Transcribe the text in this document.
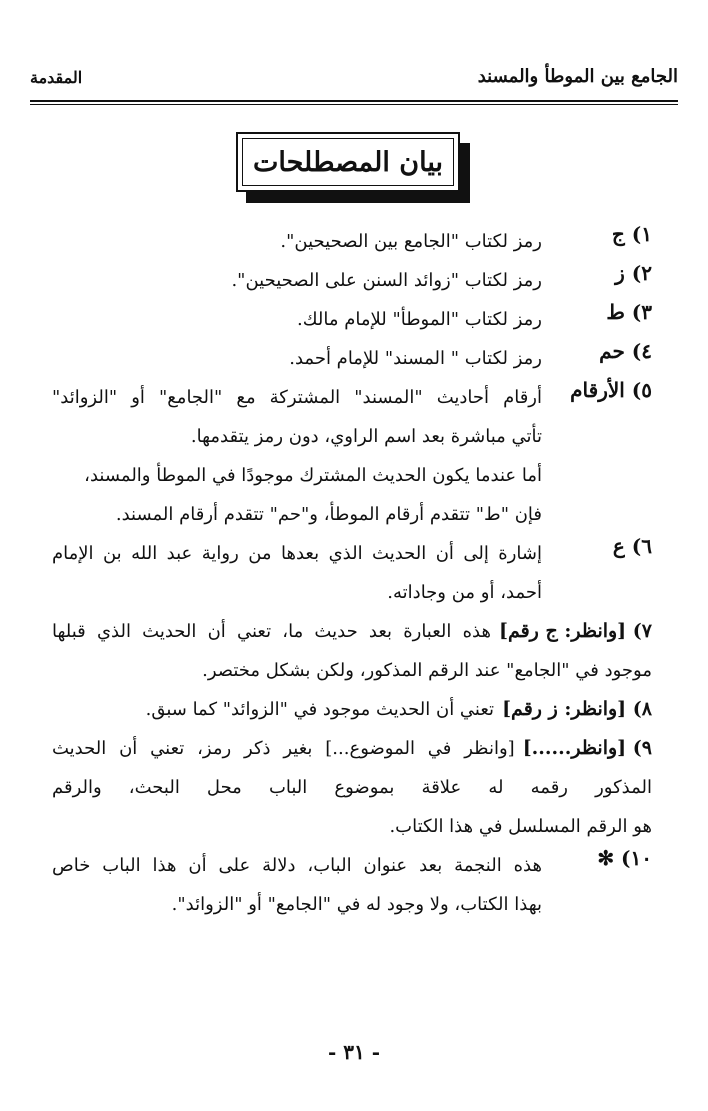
الجامع بين الموطأ والمسند
المقدمة
بيان المصطلحات
١) ج
رمز لكتاب "الجامع بين الصحيحين".
٢) ز
رمز لكتاب "زوائد السنن على الصحيحين".
٣) ط
رمز لكتاب "الموطأ" للإمام مالك.
٤) حم
رمز لكتاب " المسند" للإمام أحمد.
٥) الأرقام
أرقام أحاديث "المسند" المشتركة مع "الجامع" أو "الزوائد"
تأتي مباشرة بعد اسم الراوي، دون رمز يتقدمها.
أما عندما يكون الحديث المشترك موجودًا في الموطأ والمسند،
فإن "ط" تتقدم أرقام الموطأ، و"حم" تتقدم أرقام المسند.
٦) ع
إشارة إلى أن الحديث الذي بعدها من رواية عبد الله بن الإمام
أحمد، أو من وجاداته.
٧) [وانظر: ج رقم]
هذه العبارة بعد حديث ما، تعني أن الحديث الذي قبلها
موجود في "الجامع" عند الرقم المذكور، ولكن بشكل مختصر.
٨) [وانظر: ز رقم]
تعني أن الحديث موجود في "الزوائد" كما سبق.
٩) [وانظر......]
[وانظر في الموضوع...] بغير ذكر رمز، تعني أن الحديث
المذكور رقمه له علاقة بموضوع الباب محل البحث، والرقم
هو الرقم المسلسل في هذا الكتاب.
١٠) ✻
هذه النجمة بعد عنوان الباب، دلالة على أن هذا الباب خاص
بهذا الكتاب، ولا وجود له في "الجامع" أو "الزوائد".
- ٣١ -
